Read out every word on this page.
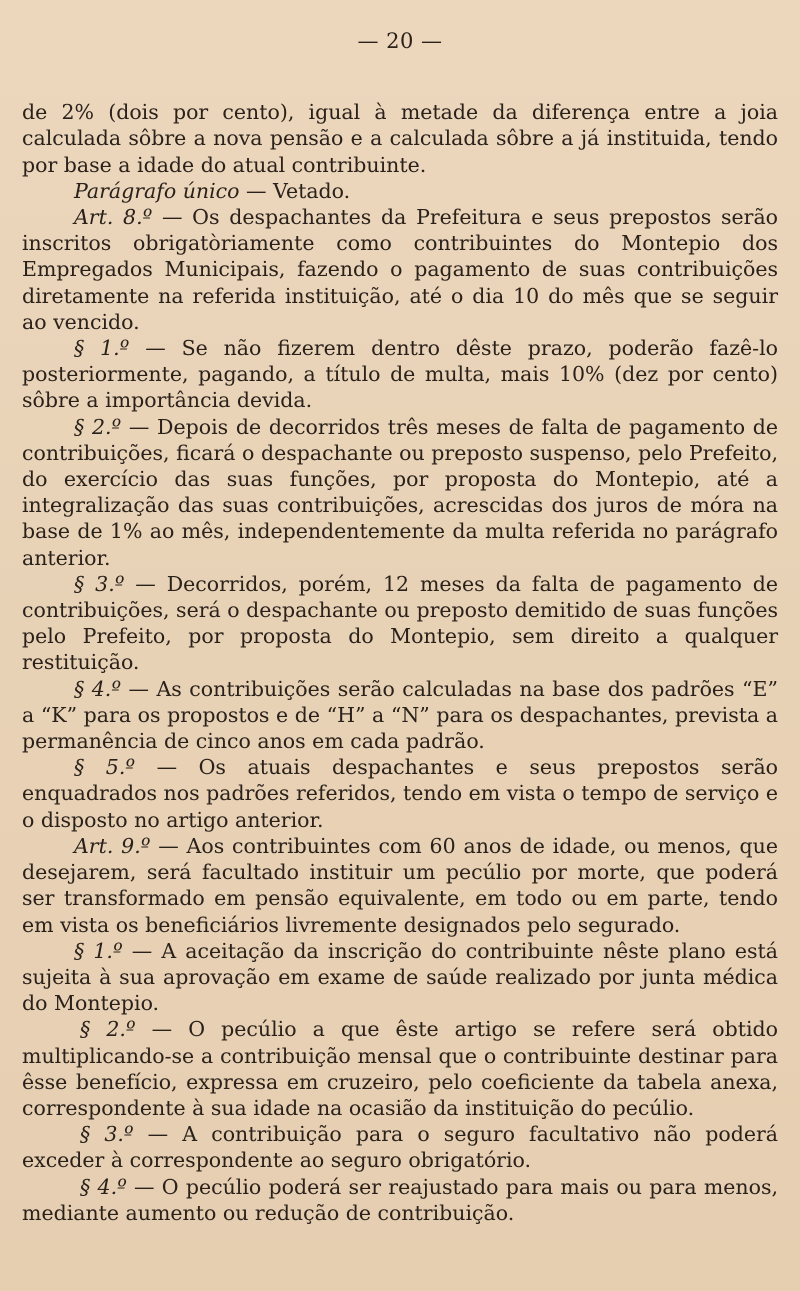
— 20 —

de 2% (dois por cento), igual à metade da diferença entre a joia calculada sôbre a nova pensão e a calculada sôbre a já instituida, tendo por base a idade do atual contribuinte.

Parágrafo único — Vetado.

Art. 8.º — Os despachantes da Prefeitura e seus prepostos serão inscritos obrigatòriamente como contribuintes do Montepio dos Empregados Municipais, fazendo o pagamento de suas contribuições diretamente na referida instituição, até o dia 10 do mês que se seguir ao vencido.

§ 1.º — Se não fizerem dentro dêste prazo, poderão fazê-lo posteriormente, pagando, a título de multa, mais 10% (dez por cento) sôbre a importância devida.

§ 2.º — Depois de decorridos três meses de falta de pagamento de contribuições, ficará o despachante ou preposto suspenso, pelo Prefeito, do exercício das suas funções, por proposta do Montepio, até a integralização das suas contribuições, acrescidas dos juros de móra na base de 1% ao mês, independentemente da multa referida no parágrafo anterior.

§ 3.º — Decorridos, porém, 12 meses da falta de pagamento de contribuições, será o despachante ou preposto demitido de suas funções pelo Prefeito, por proposta do Montepio, sem direito a qualquer restituição.

§ 4.º — As contribuições serão calculadas na base dos padrões “E” a “K” para os propostos e de “H” a “N” para os despachantes, prevista a permanência de cinco anos em cada padrão.

§ 5.º — Os atuais despachantes e seus prepostos serão enquadrados nos padrões referidos, tendo em vista o tempo de serviço e o disposto no artigo anterior.

Art. 9.º — Aos contribuintes com 60 anos de idade, ou menos, que desejarem, será facultado instituir um pecúlio por morte, que poderá ser transformado em pensão equivalente, em todo ou em parte, tendo em vista os beneficiários livremente designados pelo segurado.

§ 1.º — A aceitação da inscrição do contribuinte nêste plano está sujeita à sua aprovação em exame de saúde realizado por junta médica do Montepio.

§ 2.º — O pecúlio a que êste artigo se refere será obtido multiplicando-se a contribuição mensal que o contribuinte destinar para êsse benefício, expressa em cruzeiro, pelo coeficiente da tabela anexa, correspondente à sua idade na ocasião da instituição do pecúlio.

§ 3.º — A contribuição para o seguro facultativo não poderá exceder à correspondente ao seguro obrigatório.

§ 4.º — O pecúlio poderá ser reajustado para mais ou para menos, mediante aumento ou redução de contribuição.
